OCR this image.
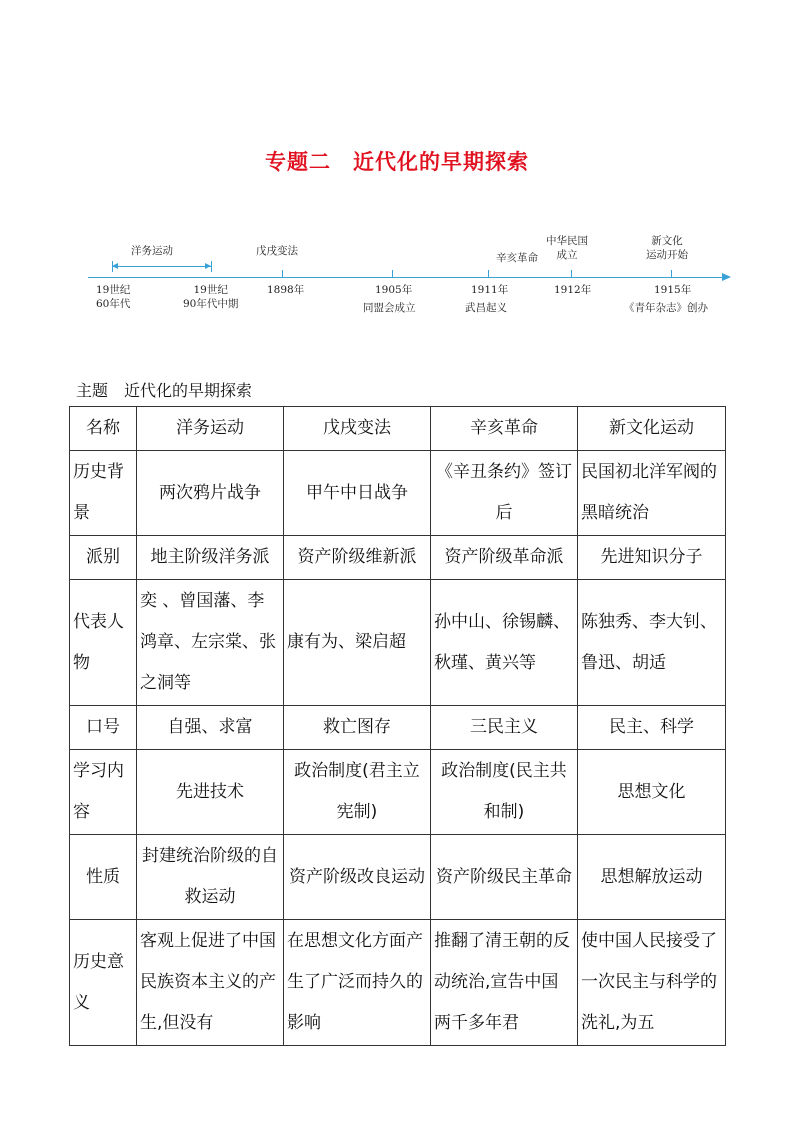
专题二　近代化的早期探索
洋务运动	戊戌变法
辛亥革命
中华民国
成立
新文化
运动开始
19世纪
60年代
19世纪
90年代中期
1898年	1905年	1911年	1912年	1915年
同盟会成立	武昌起义	《青年杂志》创办
主题　近代化的早期探索
名称	洋务运动	戊戌变法	辛亥革命	新文化运动
历史背景	两次鸦片战争	甲午中日战争	《辛丑条约》签订后	民国初北洋军阀的黑暗统治
派别	地主阶级洋务派	资产阶级维新派	资产阶级革命派	先进知识分子
代表人物	奕 、曾国藩、李鸿章、左宗棠、张之洞等	康有为、梁启超	孙中山、徐锡麟、秋瑾、黄兴等	陈独秀、李大钊、鲁迅、胡适
口号	自强、求富	救亡图存	三民主义	民主、科学
学习内容	先进技术	政治制度(君主立宪制)	政治制度(民主共和制)	思想文化
性质	封建统治阶级的自救运动	资产阶级改良运动	资产阶级民主革命	思想解放运动
历史意义	客观上促进了中国民族资本主义的产生,但没有	在思想文化方面产生了广泛而持久的影响	推翻了清王朝的反动统治,宣告中国两千多年君	使中国人民接受了一次民主与科学的洗礼,为五
